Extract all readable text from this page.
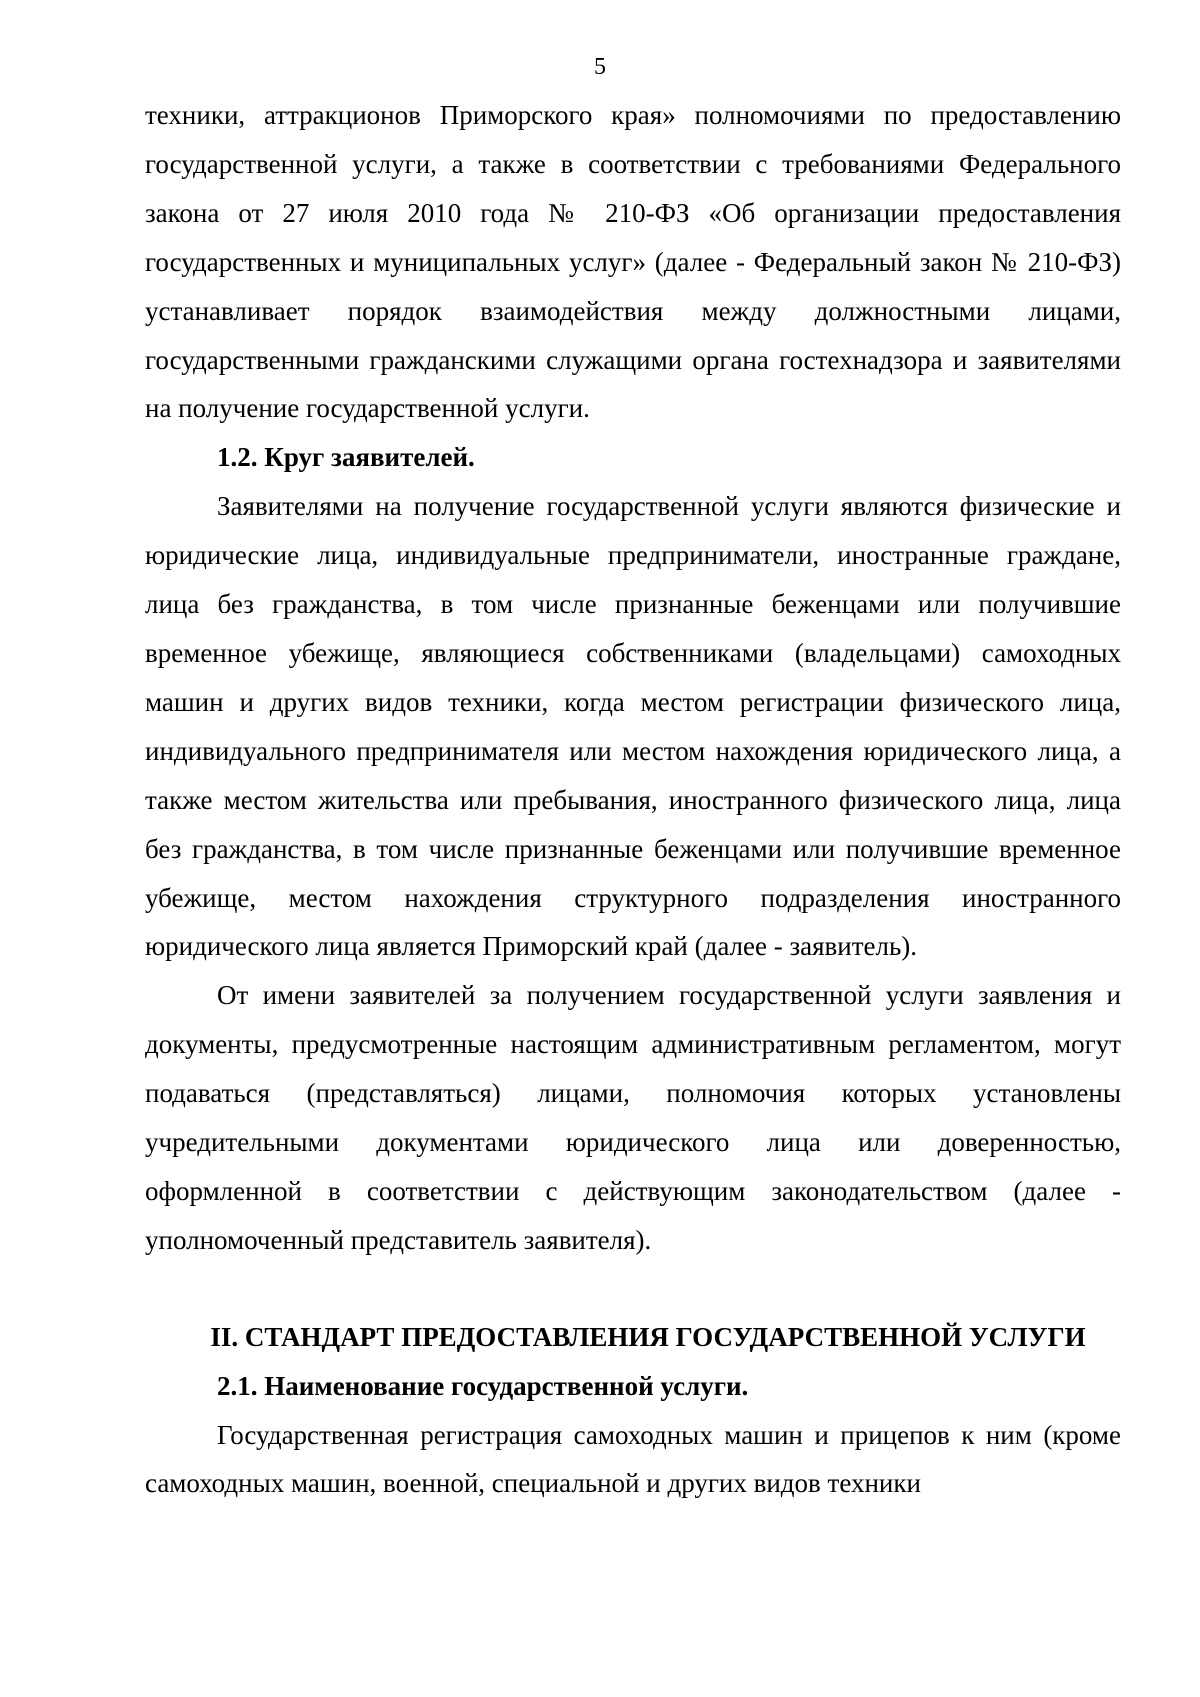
5

техники, аттракционов Приморского края» полномочиями по предоставлению государственной услуги, а также в соответствии с требованиями Федерального закона от 27 июля 2010 года № 210-ФЗ «Об организации предоставления государственных и муниципальных услуг» (далее - Федеральный закон № 210-ФЗ) устанавливает порядок взаимодействия между должностными лицами, государственными гражданскими служащими органа гостехнадзора и заявителями на получение государственной услуги.

1.2. Круг заявителей.

Заявителями на получение государственной услуги являются физические и юридические лица, индивидуальные предприниматели, иностранные граждане, лица без гражданства, в том числе признанные беженцами или получившие временное убежище, являющиеся собственниками (владельцами) самоходных машин и других видов техники, когда местом регистрации физического лица, индивидуального предпринимателя или местом нахождения юридического лица, а также местом жительства или пребывания, иностранного физического лица, лица без гражданства, в том числе признанные беженцами или получившие временное убежище, местом нахождения структурного подразделения иностранного юридического лица является Приморский край (далее - заявитель).

От имени заявителей за получением государственной услуги заявления и документы, предусмотренные настоящим административным регламентом, могут подаваться (представляться) лицами, полномочия которых установлены учредительными документами юридического лица или доверенностью, оформленной в соответствии с действующим законодательством (далее - уполномоченный представитель заявителя).

II. СТАНДАРТ ПРЕДОСТАВЛЕНИЯ ГОСУДАРСТВЕННОЙ УСЛУГИ

2.1. Наименование государственной услуги.

Государственная регистрация самоходных машин и прицепов к ним (кроме самоходных машин, военной, специальной и других видов техники
